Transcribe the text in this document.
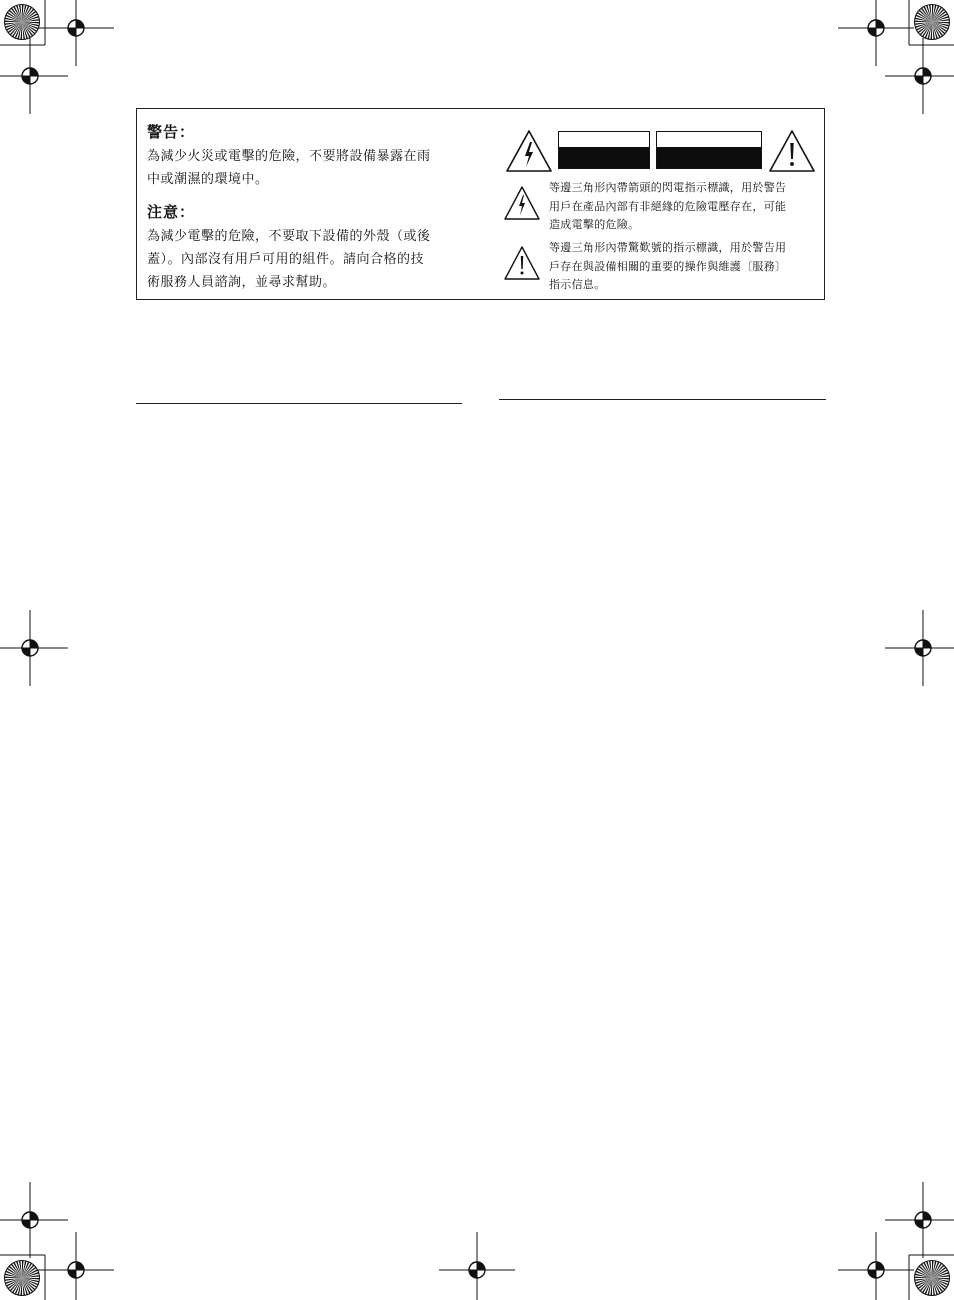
警告：

為減少火災或電擊的危險，不要將設備暴露在雨

中或潮濕的環境中。

注意：

為減少電擊的危險，不要取下設備的外殼（或後

蓋）。內部沒有用戶可用的組件。請向合格的技

術服務人員諮詢，並尋求幫助。

等邊三角形內帶箭頭的閃電指示標識，用於警告

用戶在產品內部有非絕緣的危險電壓存在，可能

造成電擊的危險。

等邊三角形內帶驚歎號的指示標識，用於警告用

戶存在與設備相關的重要的操作與維護〔服務〕

指示信息。
